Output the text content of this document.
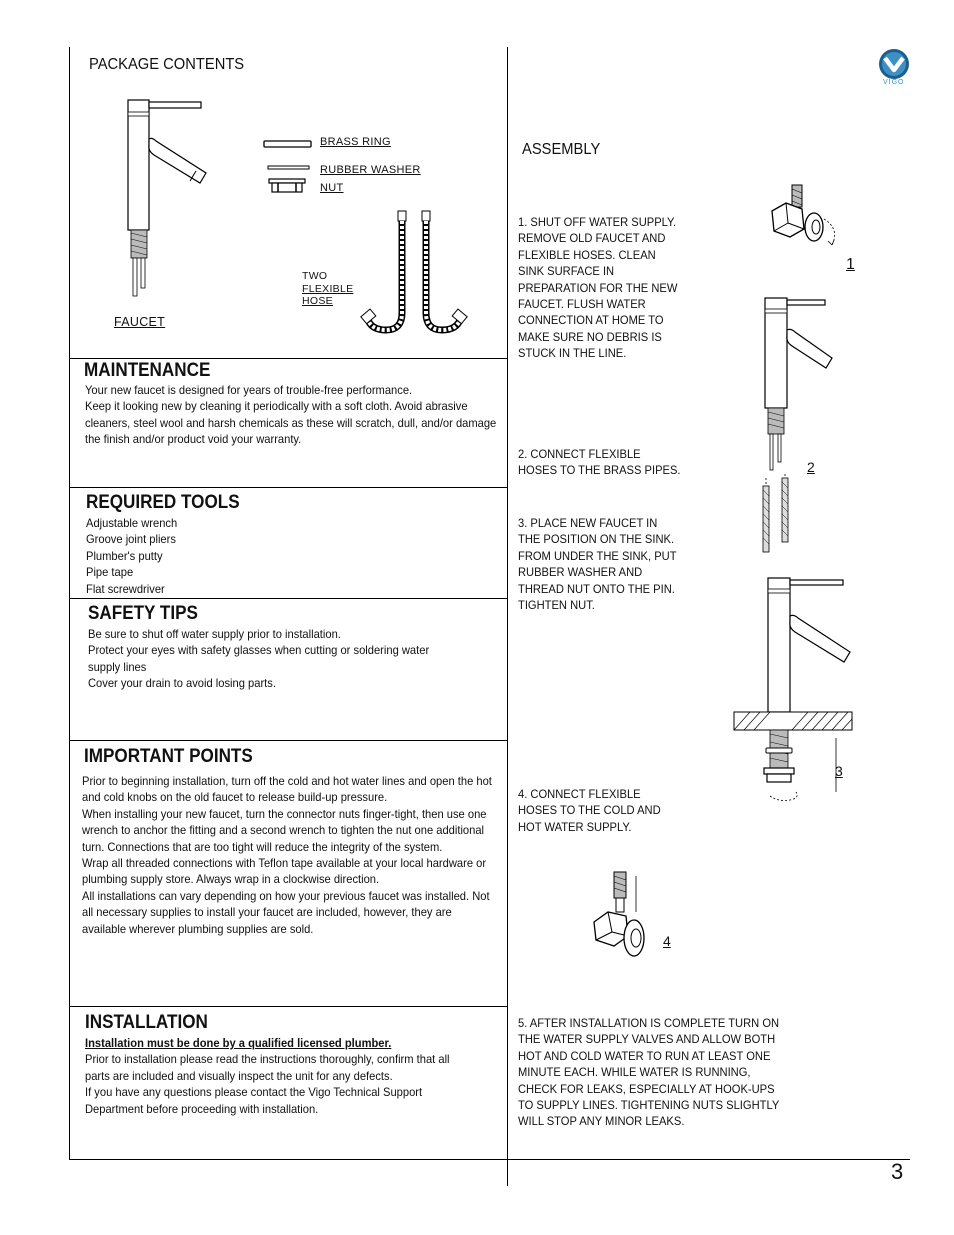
VIGO
PACKAGE CONTENTS
BRASS RING
RUBBER WASHER
NUT
TWO
FLEXIBLE
HOSE
FAUCET
MAINTENANCE
Your new faucet is designed for years of trouble-free performance.
Keep it looking new by cleaning it periodically with a soft cloth. Avoid abrasive
cleaners, steel wool and harsh chemicals as these will scratch, dull, and/or damage
the finish and/or product void your warranty.
REQUIRED TOOLS
Adjustable wrench
Groove joint pliers
Plumber's putty
Pipe tape
Flat screwdriver
SAFETY TIPS
Be sure to shut off water supply prior to installation.
Protect your eyes with safety glasses when cutting or soldering water
supply lines
Cover your drain to avoid losing parts.
IMPORTANT POINTS
Prior to beginning installation, turn off the cold and hot water lines and open the hot
and cold knobs on the old faucet to release build-up pressure.
When installing your new faucet, turn the connector nuts finger-tight, then use one
wrench to anchor the fitting and a second wrench to tighten the nut one additional
turn. Connections that are too tight will reduce the integrity of the system.
Wrap all threaded connections with Teflon tape available at your local hardware or
plumbing supply store. Always wrap in a clockwise direction.
All installations can vary depending on how your previous faucet was installed. Not
all necessary supplies to install your faucet are included, however, they are
available wherever plumbing supplies are sold.
INSTALLATION
Installation must be done by a qualified licensed plumber.
Prior to installation please read the instructions thoroughly, confirm that all
parts are included and visually inspect the unit for any defects.
If you have any questions please contact the Vigo Technical Support
Department before proceeding with installation.
ASSEMBLY
1. SHUT OFF WATER SUPPLY.
REMOVE OLD FAUCET AND
FLEXIBLE HOSES. CLEAN
SINK SURFACE IN
PREPARATION FOR THE NEW
FAUCET. FLUSH WATER
CONNECTION AT HOME TO
MAKE SURE NO DEBRIS IS
STUCK IN THE LINE.
2. CONNECT FLEXIBLE
HOSES TO THE BRASS PIPES.
3. PLACE NEW FAUCET IN
THE POSITION ON THE SINK.
FROM UNDER THE SINK, PUT
RUBBER WASHER AND
THREAD NUT ONTO THE PIN.
TIGHTEN NUT.
4. CONNECT FLEXIBLE
HOSES TO THE COLD AND
HOT WATER SUPPLY.
5. AFTER INSTALLATION IS COMPLETE TURN ON
THE WATER SUPPLY VALVES AND ALLOW BOTH
HOT AND COLD WATER TO RUN AT LEAST ONE
MINUTE EACH. WHILE WATER IS RUNNING,
CHECK FOR LEAKS, ESPECIALLY AT HOOK-UPS
TO SUPPLY LINES. TIGHTENING NUTS SLIGHTLY
WILL STOP ANY MINOR LEAKS.
1
2
3
4
3
